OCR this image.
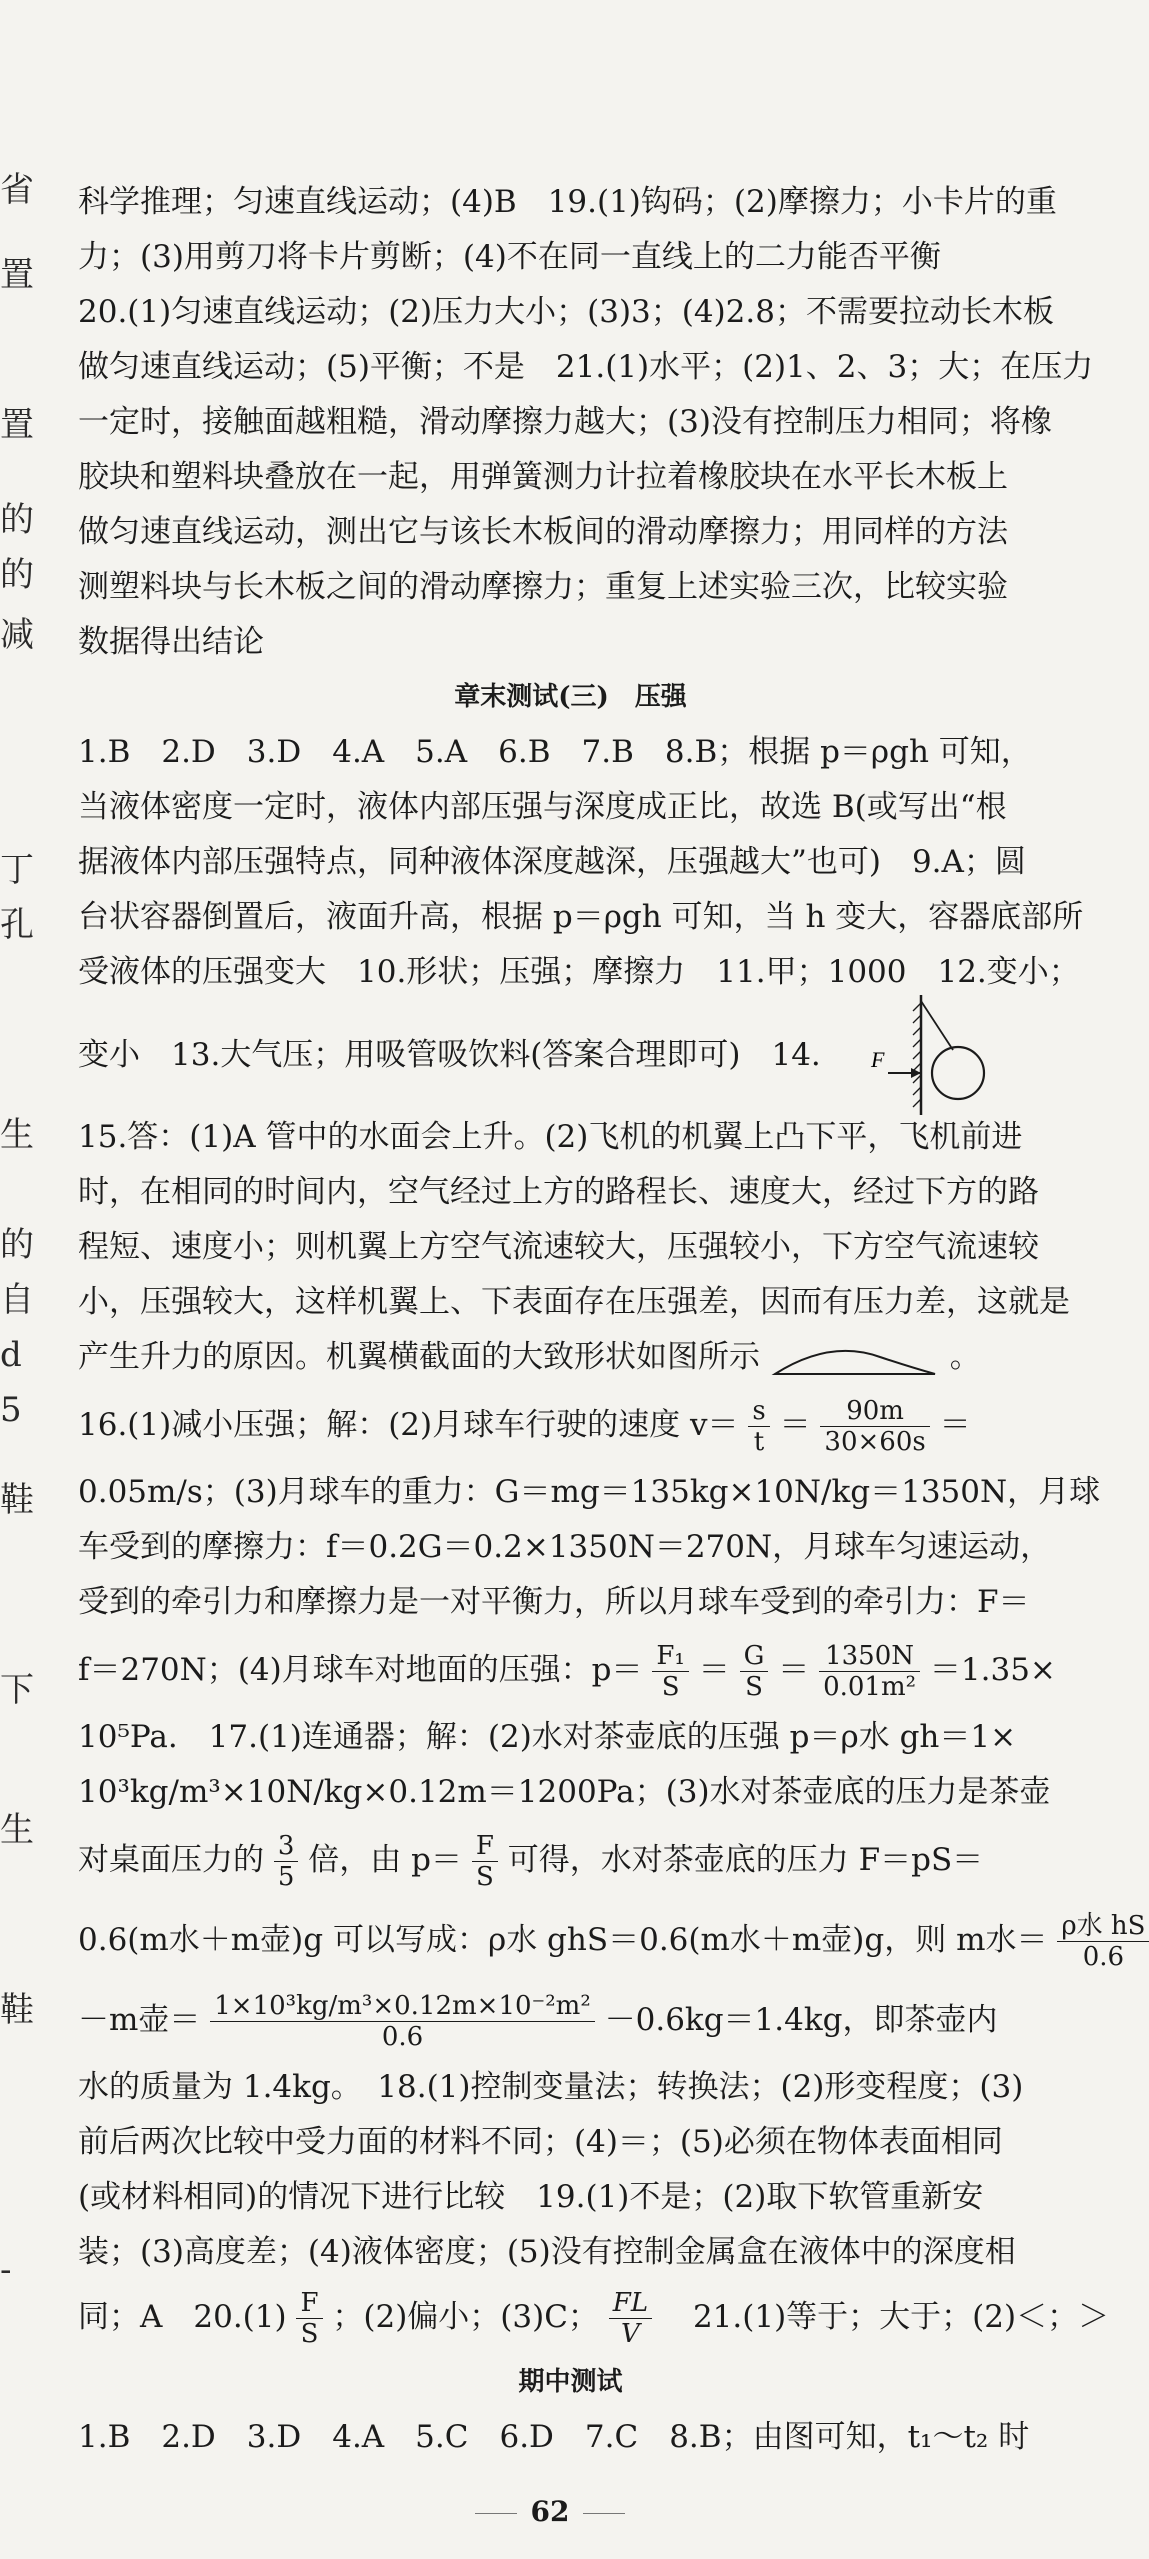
省
置
置
的
的
减
丁
孔
生
的
自
d
5
鞋
下
生
鞋
-
科学推理；匀速直线运动；(4)B　19.(1)钩码；(2)摩擦力；小卡片的重
力；(3)用剪刀将卡片剪断；(4)不在同一直线上的二力能否平衡
20.(1)匀速直线运动；(2)压力大小；(3)3；(4)2.8；不需要拉动长木板
做匀速直线运动；(5)平衡；不是　21.(1)水平；(2)1、2、3；大；在压力
一定时，接触面越粗糙，滑动摩擦力越大；(3)没有控制压力相同；将橡
胶块和塑料块叠放在一起，用弹簧测力计拉着橡胶块在水平长木板上
做匀速直线运动，测出它与该长木板间的滑动摩擦力；用同样的方法
测塑料块与长木板之间的滑动摩擦力；重复上述实验三次，比较实验
数据得出结论
章末测试(三)　压强
1.B　2.D　3.D　4.A　5.A　6.B　7.B　8.B；根据 p＝ρgh 可知，
当液体密度一定时，液体内部压强与深度成正比，故选 B(或写出“根
据液体内部压强特点，同种液体深度越深，压强越大”也可)　9.A；圆
台状容器倒置后，液面升高，根据 p＝ρgh 可知，当 h 变大，容器底部所
受液体的压强变大　10.形状；压强；摩擦力　11.甲；1000　12.变小；
变小　13.大气压；用吸管吸饮料(答案合理即可)　14. F
15.答：(1)A 管中的水面会上升。(2)飞机的机翼上凸下平，飞机前进
时，在相同的时间内，空气经过上方的路程长、速度大，经过下方的路
程短、速度小；则机翼上方空气流速较大，压强较小，下方空气流速较
小，压强较大，这样机翼上、下表面存在压强差，因而有压力差，这就是
产生升力的原因。机翼横截面的大致形状如图所示	。
16.(1)减小压强；解：(2)月球车行驶的速度 $v= \frac{s}{t} = \frac{90m}{30\times 60s}$ ＝
0.05m/s；(3)月球车的重力：G＝mg＝135kg×10N/kg＝1350N，月球
车受到的摩擦力：f＝0.2G＝0.2×1350N＝270N，月球车匀速运动，
受到的牵引力和摩擦力是一对平衡力，所以月球车受到的牵引力：F＝
f＝270N；(4)月球车对地面的压强：$p= \frac{\text{F₁}}{S} = \frac{G}{S} = \frac{1350N}{\text{0.01m²}} =1.35\times$
10⁵Pa.　17.(1)连通器；解：(2)水对茶壶底的压强 p＝ρ水 gh＝1×
10³kg/m³×10N/kg×0.12m＝1200Pa；(3)水对茶壶底的压力是茶壶
对桌面压力的 $\frac{3}{5}$ 倍，由 $p= \frac{F}{S}$ 可得，水对茶壶底的压力 F＝pS＝
0.6(m水＋m壶)g 可以写成：ρ水 ghS＝0.6(m水＋m壶)g，则 m水＝ $\frac{\text{ρ水 hS}}{0.6}$
－m壶＝ $\frac{\text{1×10³kg/m³×0.12m×10⁻²m²}}{0.6} -0.6kg=1.4kg$，即茶壶内
水的质量为 1.4kg。　18.(1)控制变量法；转换法；(2)形变程度；(3)
前后两次比较中受力面的材料不同；(4)＝；(5)必须在物体表面相同
(或材料相同)的情况下进行比较　19.(1)不是；(2)取下软管重新安
装；(3)高度差；(4)液体密度；(5)没有控制金属盒在液体中的深度相
同；A　$20.(1) \frac{F}{S}$ ；(2)偏小；(3)C； $\frac{FL}{V}$ 　21.(1)等于；大于；(2)＜；＞
期中测试
1.B　2.D　3.D　4.A　5.C　6.D　7.C　8.B；由图可知，t₁～t₂ 时
62
